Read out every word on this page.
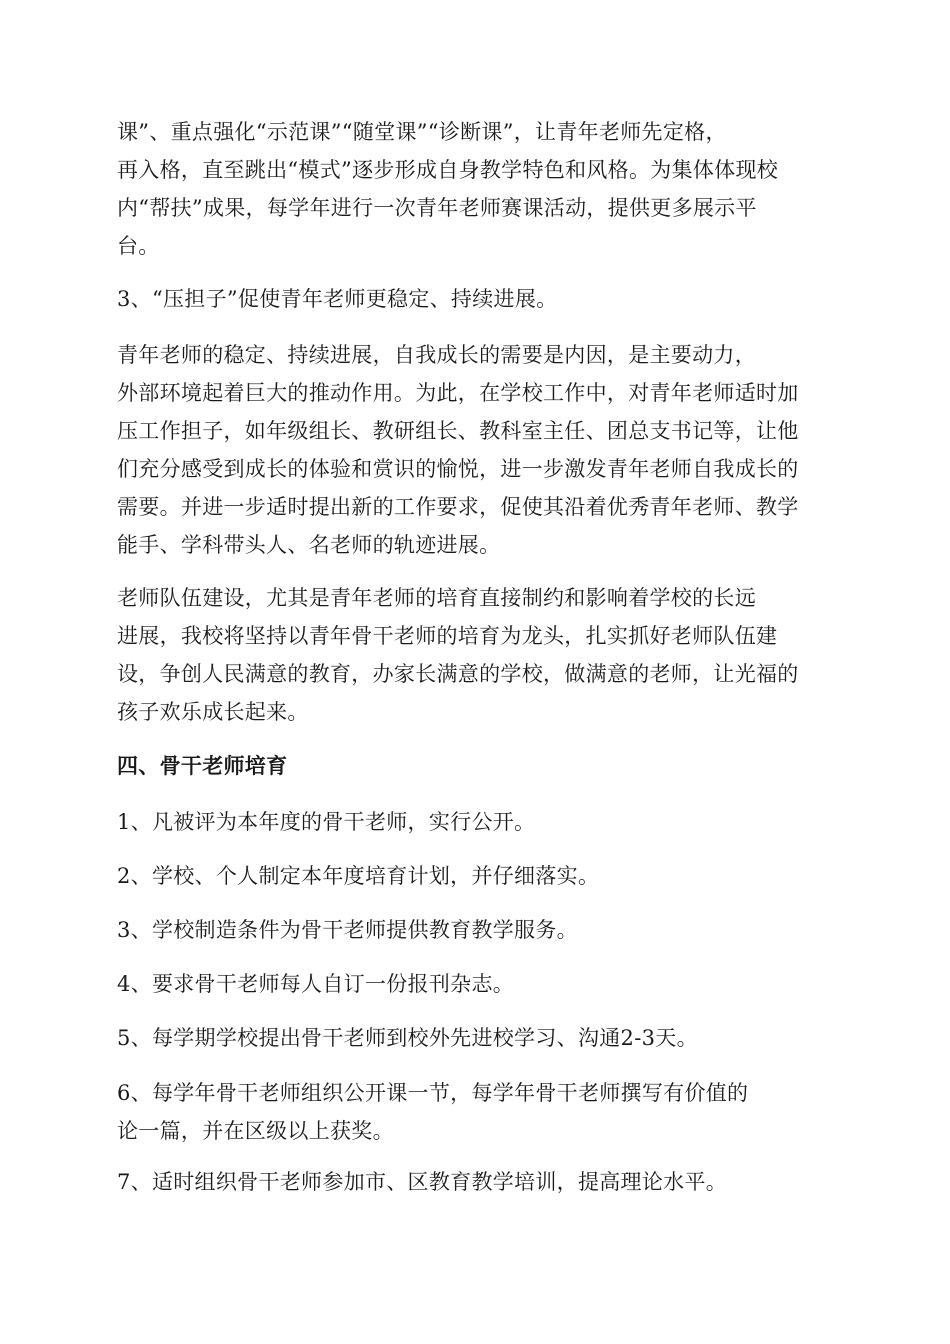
课”、重点强化“示范课”“随堂课”“诊断课”，让青年老师先定格，
再入格，直至跳出“模式”逐步形成自身教学特色和风格。为集体体现校
内“帮扶”成果，每学年进行一次青年老师赛课活动，提供更多展示平
台。
3、“压担子”促使青年老师更稳定、持续进展。
青年老师的稳定、持续进展，自我成长的需要是内因，是主要动力，
外部环境起着巨大的推动作用。为此，在学校工作中，对青年老师适时加
压工作担子，如年级组长、教研组长、教科室主任、团总支书记等，让他
们充分感受到成长的体验和赏识的愉悦，进一步激发青年老师自我成长的
需要。并进一步适时提出新的工作要求，促使其沿着优秀青年老师、教学
能手、学科带头人、名老师的轨迹进展。
老师队伍建设，尤其是青年老师的培育直接制约和影响着学校的长远
进展，我校将坚持以青年骨干老师的培育为龙头，扎实抓好老师队伍建
设，争创人民满意的教育，办家长满意的学校，做满意的老师，让光福的
孩子欢乐成长起来。
四、骨干老师培育
1、凡被评为本年度的骨干老师，实行公开。
2、学校、个人制定本年度培育计划，并仔细落实。
3、学校制造条件为骨干老师提供教育教学服务。
4、要求骨干老师每人自订一份报刊杂志。
5、每学期学校提出骨干老师到校外先进校学习、沟通2-3天。
6、每学年骨干老师组织公开课一节，每学年骨干老师撰写有价值的
论一篇，并在区级以上获奖。
7、适时组织骨干老师参加市、区教育教学培训，提高理论水平。
